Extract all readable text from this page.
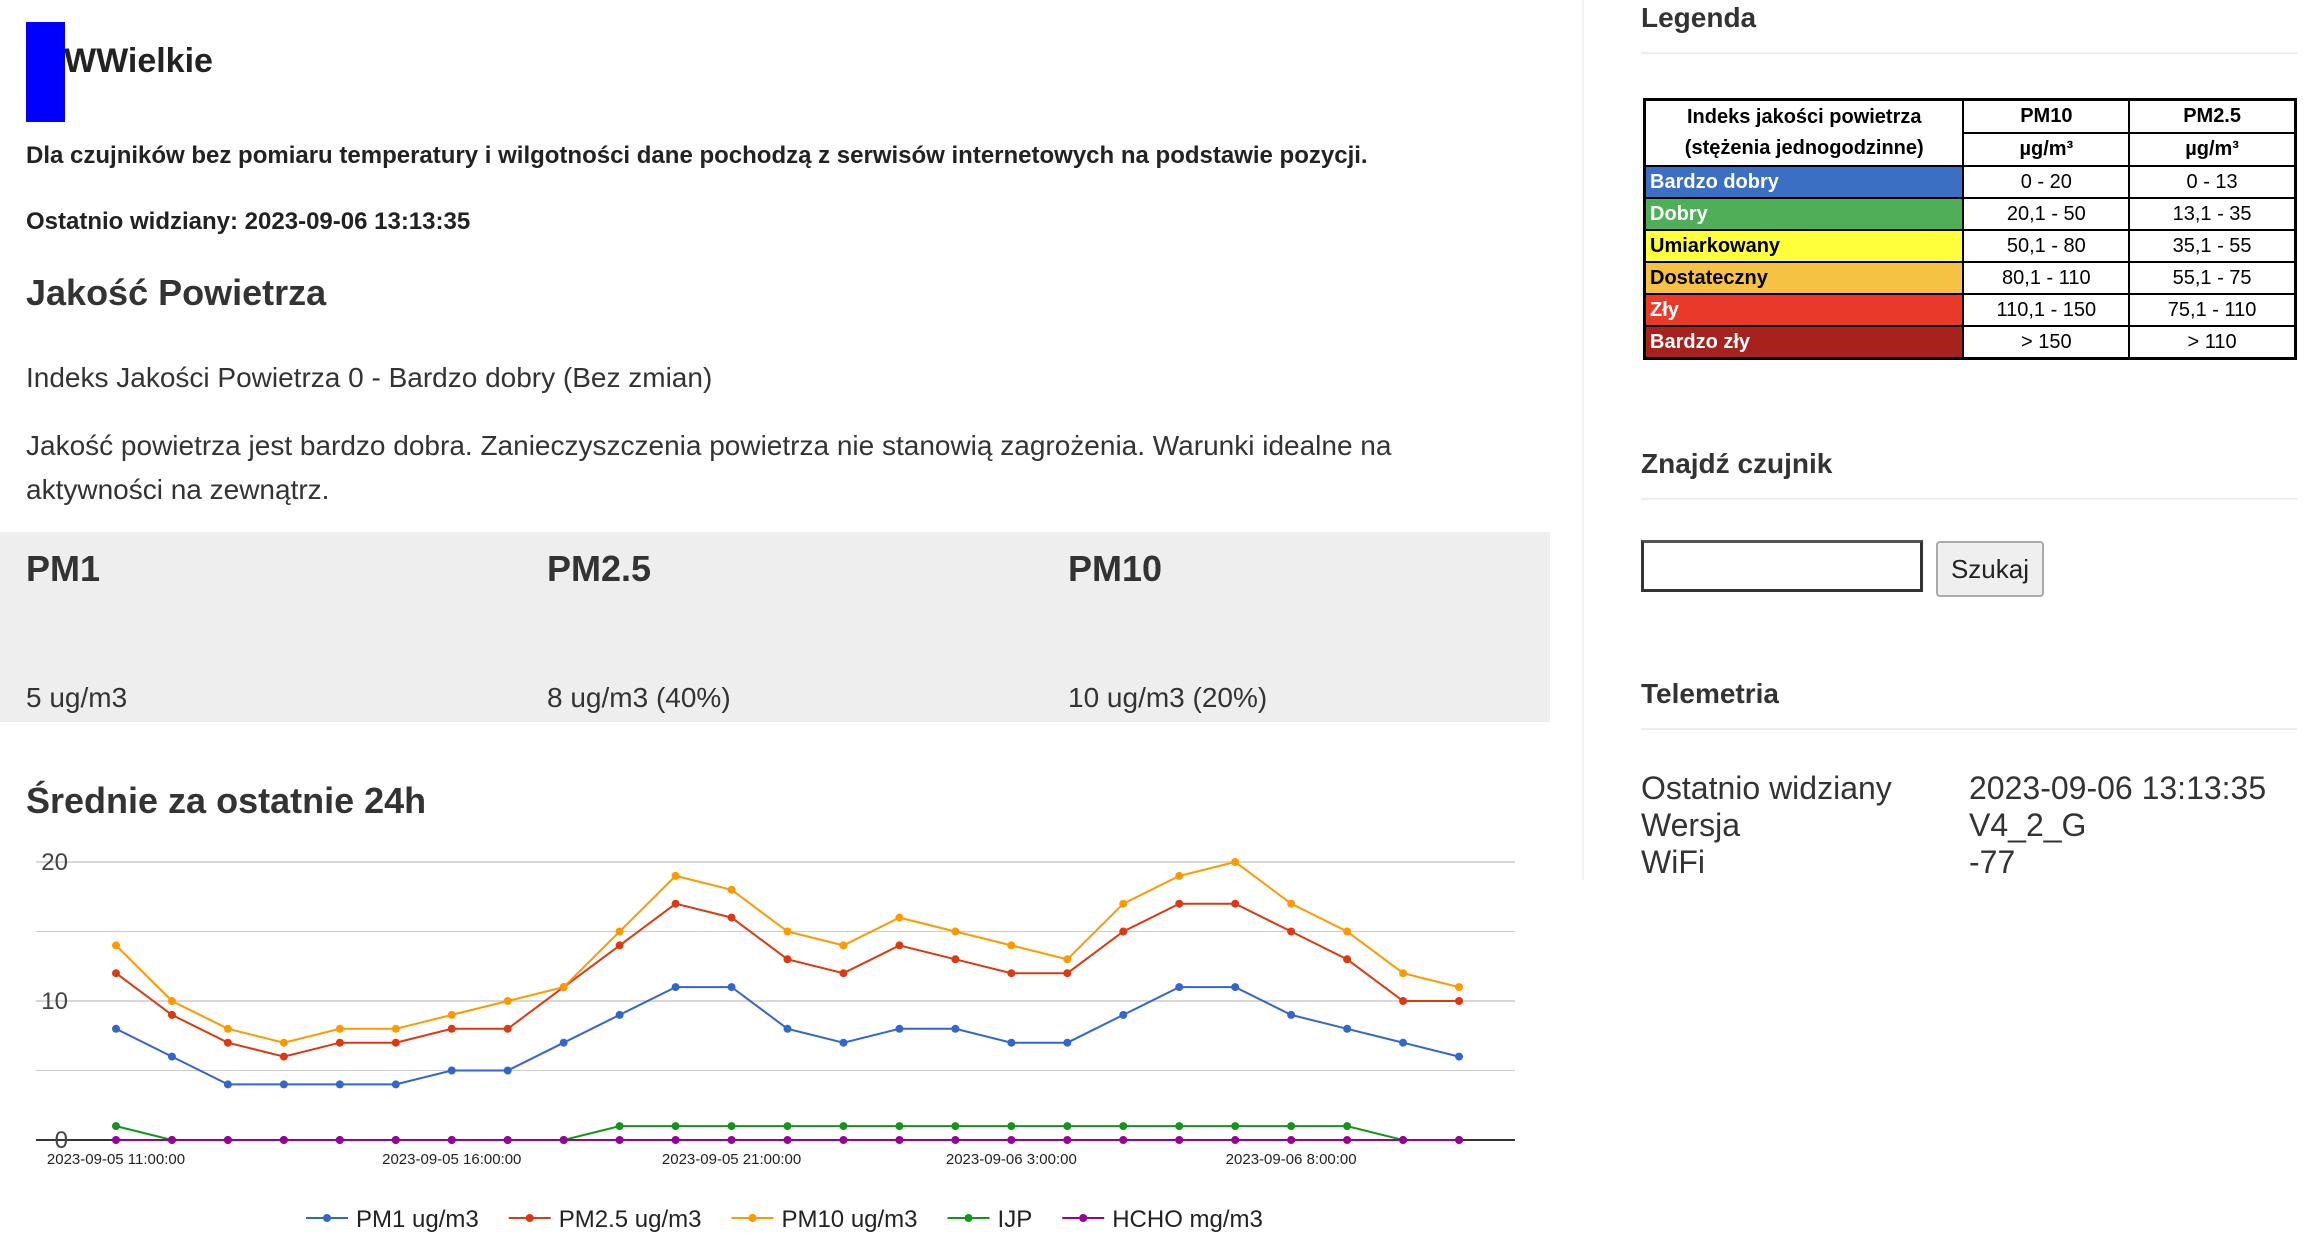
WWielkie
Dla czujników bez pomiaru temperatury i wilgotności dane pochodzą z serwisów internetowych na podstawie pozycji.
Ostatnio widziany: 2023-09-06 13:13:35
Jakość Powietrza
Indeks Jakości Powietrza 0 - Bardzo dobry (Bez zmian)
Jakość powietrza jest bardzo dobra. Zanieczyszczenia powietrza nie stanowią zagrożenia. Warunki idealne na aktywności na zewnątrz.
PM1
5 ug/m3
PM2.5
8 ug/m3 (40%)
PM10
10 ug/m3 (20%)
Średnie za ostatnie 24h
0
10
20
2023-09-05 11:00:00	2023-09-05 16:00:00	2023-09-05 21:00:00	2023-09-06 3:00:00	2023-09-06 8:00:00
PM1 ug/m3	PM2.5 ug/m3	PM10 ug/m3	IJP	HCHO mg/m3
Legenda
Indeks jakości powietrza
(stężenia jednogodzinne)	PM10	PM2.5
	µg/m³	µg/m³
Bardzo dobry	0 - 20	0 - 13
Dobry	20,1 - 50	13,1 - 35
Umiarkowany	50,1 - 80	35,1 - 55
Dostateczny	80,1 - 110	55,1 - 75
Zły	110,1 - 150	75,1 - 110
Bardzo zły	> 150	> 110
Znajdź czujnik
Szukaj
Telemetria
Ostatnio widziany 2023-09-06 13:13:35
Wersja	V4_2_G
WiFi	-77
